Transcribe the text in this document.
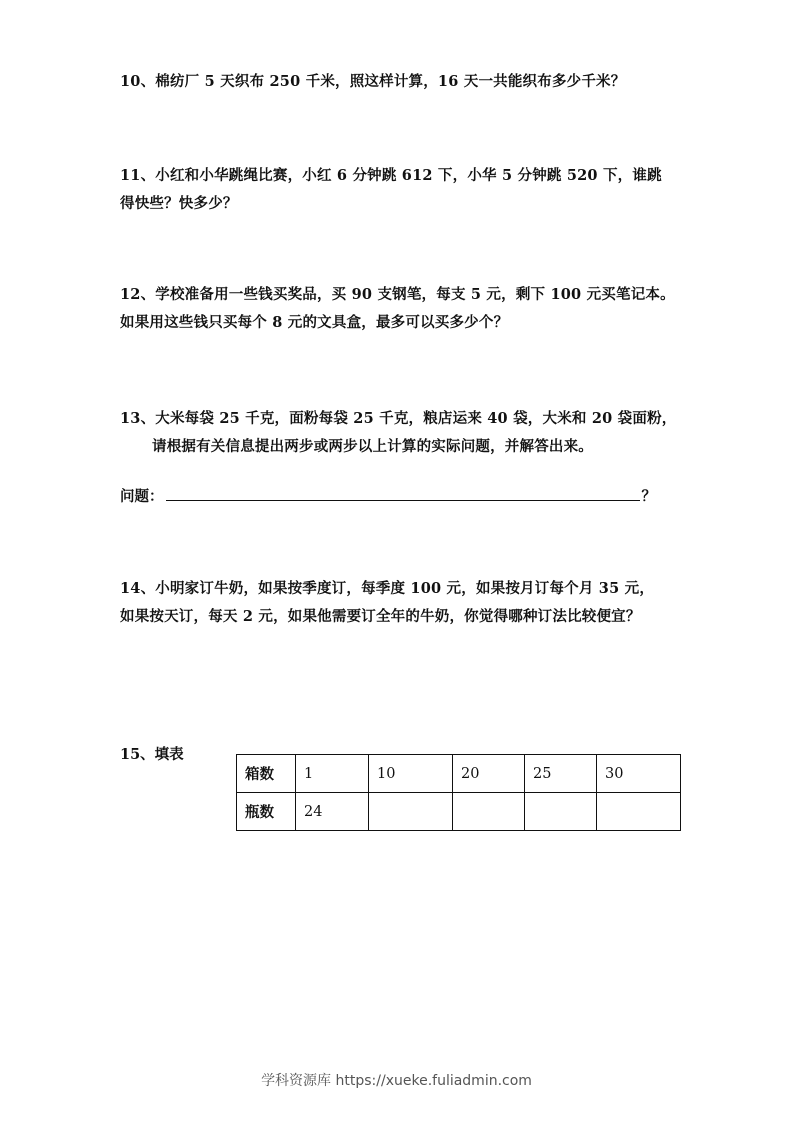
10、棉纺厂 5 天织布 250 千米，照这样计算，16 天一共能织布多少千米？

11、小红和小华跳绳比赛，小红 6 分钟跳 612 下，小华 5 分钟跳 520 下，谁跳

得快些？快多少？

12、学校准备用一些钱买奖品，买 90 支钢笔，每支 5 元，剩下 100 元买笔记本。

如果用这些钱只买每个 8 元的文具盒，最多可以买多少个？

13、大米每袋 25 千克，面粉每袋 25 千克，粮店运来 40 袋，大米和 20 袋面粉，

请根据有关信息提出两步或两步以上计算的实际问题，并解答出来。

问题：	？

14、小明家订牛奶，如果按季度订，每季度 100 元，如果按月订每个月 35 元，

如果按天订，每天 2 元，如果他需要订全年的牛奶，你觉得哪种订法比较便宜？

15、填表
箱数	1	10	20	25	30
瓶数	24				
学科资源库 https://xueke.fuliadmin.com
